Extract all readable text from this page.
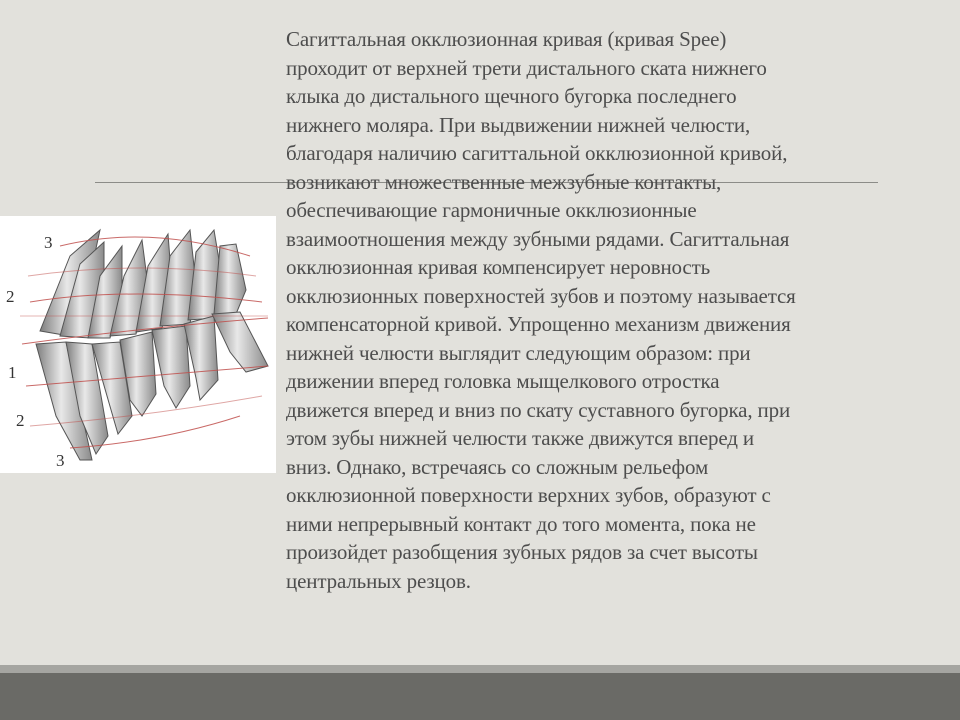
3
2
1
2
3

Сагиттальная окклюзионная кривая (кривая Spee)
проходит от верхней трети дистального ската нижнего
клыка до дистального щечного бугорка последнего
нижнего моляра. При выдвижении нижней челюсти,
благодаря наличию сагиттальной окклюзионной кривой,
возникают множественные межзубные контакты,
обеспечивающие гармоничные окклюзионные
взаимоотношения между зубными рядами. Сагиттальная
окклюзионная кривая компенсирует неровность
окклюзионных поверхностей зубов и поэтому называется
компенсаторной кривой. Упрощенно механизм движения
нижней челюсти выглядит следующим образом: при
движении вперед головка мыщелкового отростка
движется вперед и вниз по скату суставного бугорка, при
этом зубы нижней челюсти также движутся вперед и
вниз. Однако, встречаясь со сложным рельефом
окклюзионной поверхности верхних зубов, образуют с
ними непрерывный контакт до того момента, пока не
произойдет разобщения зубных рядов за счет высоты
центральных резцов.
